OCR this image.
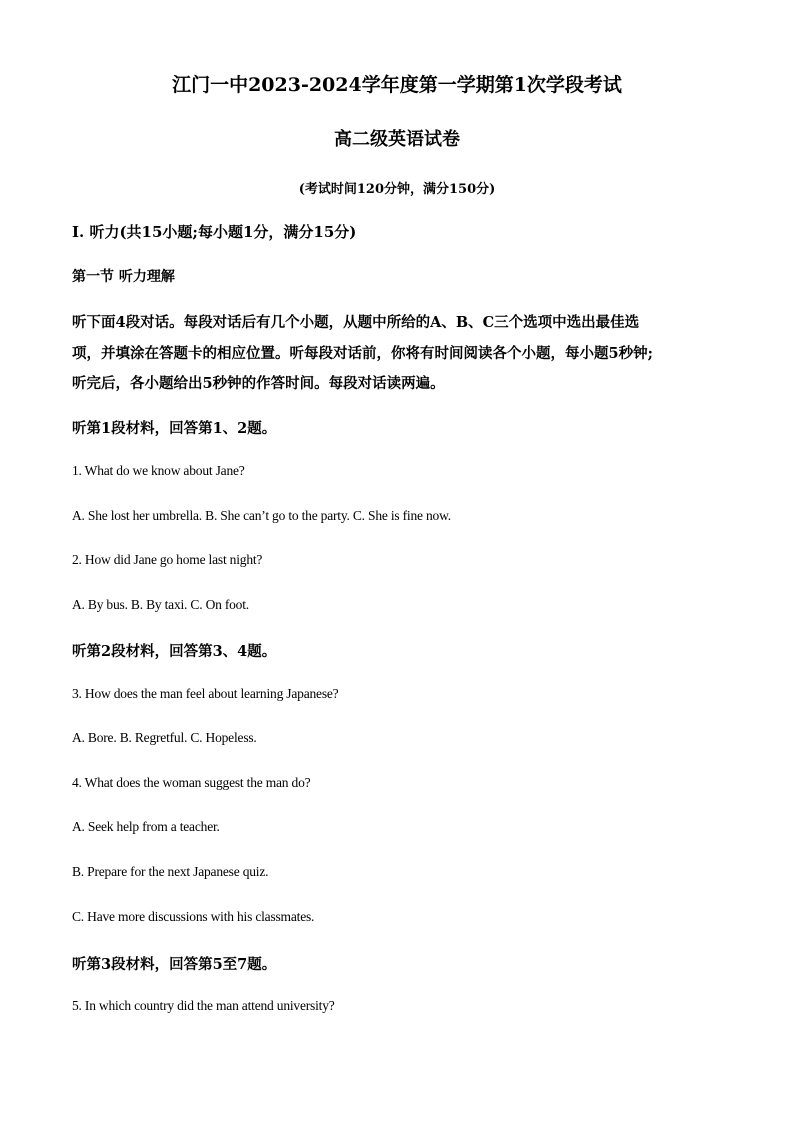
江门一中2023-2024学年度第一学期第1次学段考试
高二级英语试卷
(考试时间120分钟，满分150分)
Ⅰ. 听力(共15小题;每小题1分，满分15分)
第一节 听力理解
听下面4段对话。每段对话后有几个小题，从题中所给的A、B、C三个选项中选出最佳选
项，并填涂在答题卡的相应位置。听每段对话前，你将有时间阅读各个小题，每小题5秒钟;
听完后，各小题给出5秒钟的作答时间。每段对话读两遍。
听第1段材料，回答第1、2题。
1. What do we know about Jane?
A. She lost her umbrella. B. She can’t go to the party. C. She is fine now.
2. How did Jane go home last night?
A. By bus. B. By taxi. C. On foot.
听第2段材料，回答第3、4题。
3. How does the man feel about learning Japanese?
A. Bore. B. Regretful. C. Hopeless.
4. What does the woman suggest the man do?
A. Seek help from a teacher.
B. Prepare for the next Japanese quiz.
C. Have more discussions with his classmates.
听第3段材料，回答第5至7题。
5. In which country did the man attend university?
